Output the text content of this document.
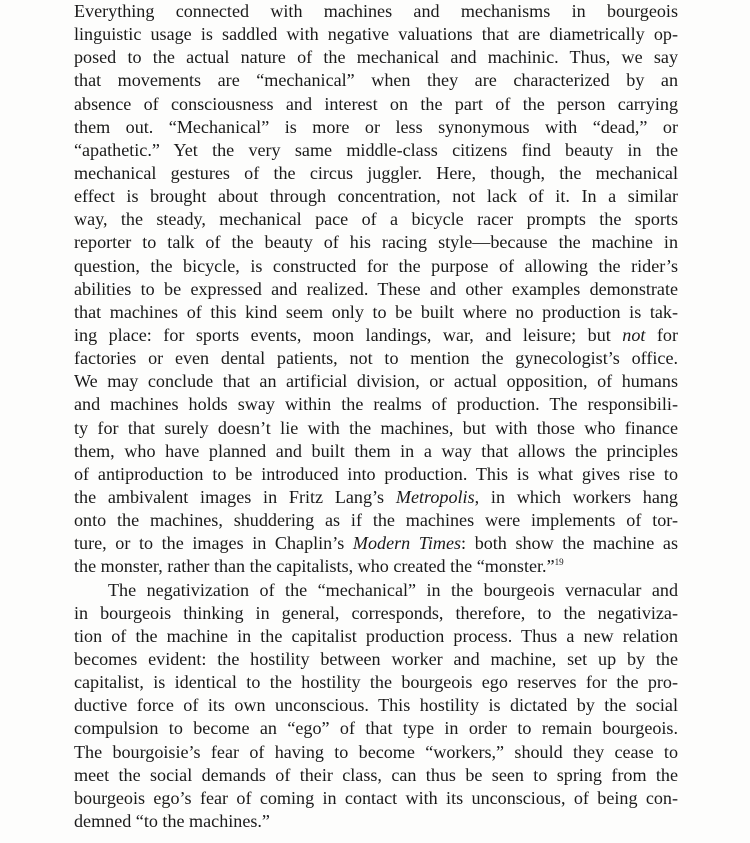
Everything connected with machines and mechanisms in bourgeois
linguistic usage is saddled with negative valuations that are diametrically op-
posed to the actual nature of the mechanical and machinic. Thus, we say
that movements are “mechanical” when they are characterized by an
absence of consciousness and interest on the part of the person carrying
them out. “Mechanical” is more or less synonymous with “dead,” or
“apathetic.” Yet the very same middle-class citizens find beauty in the
mechanical gestures of the circus juggler. Here, though, the mechanical
effect is brought about through concentration, not lack of it. In a similar
way, the steady, mechanical pace of a bicycle racer prompts the sports
reporter to talk of the beauty of his racing style—because the machine in
question, the bicycle, is constructed for the purpose of allowing the rider’s
abilities to be expressed and realized. These and other examples demonstrate
that machines of this kind seem only to be built where no production is tak-
ing place: for sports events, moon landings, war, and leisure; but not for
factories or even dental patients, not to mention the gynecologist’s office.
We may conclude that an artificial division, or actual opposition, of humans
and machines holds sway within the realms of production. The responsibili-
ty for that surely doesn’t lie with the machines, but with those who finance
them, who have planned and built them in a way that allows the principles
of antiproduction to be introduced into production. This is what gives rise to
the ambivalent images in Fritz Lang’s Metropolis, in which workers hang
onto the machines, shuddering as if the machines were implements of tor-
ture, or to the images in Chaplin’s Modern Times: both show the machine as
the monster, rather than the capitalists, who created the “monster.”$^{19}$
The negativization of the “mechanical” in the bourgeois vernacular and
in bourgeois thinking in general, corresponds, therefore, to the negativiza-
tion of the machine in the capitalist production process. Thus a new relation
becomes evident: the hostility between worker and machine, set up by the
capitalist, is identical to the hostility the bourgeois ego reserves for the pro-
ductive force of its own unconscious. This hostility is dictated by the social
compulsion to become an “ego” of that type in order to remain bourgeois.
The bourgoisie’s fear of having to become “workers,” should they cease to
meet the social demands of their class, can thus be seen to spring from the
bourgeois ego’s fear of coming in contact with its unconscious, of being con-
demned “to the machines.”
